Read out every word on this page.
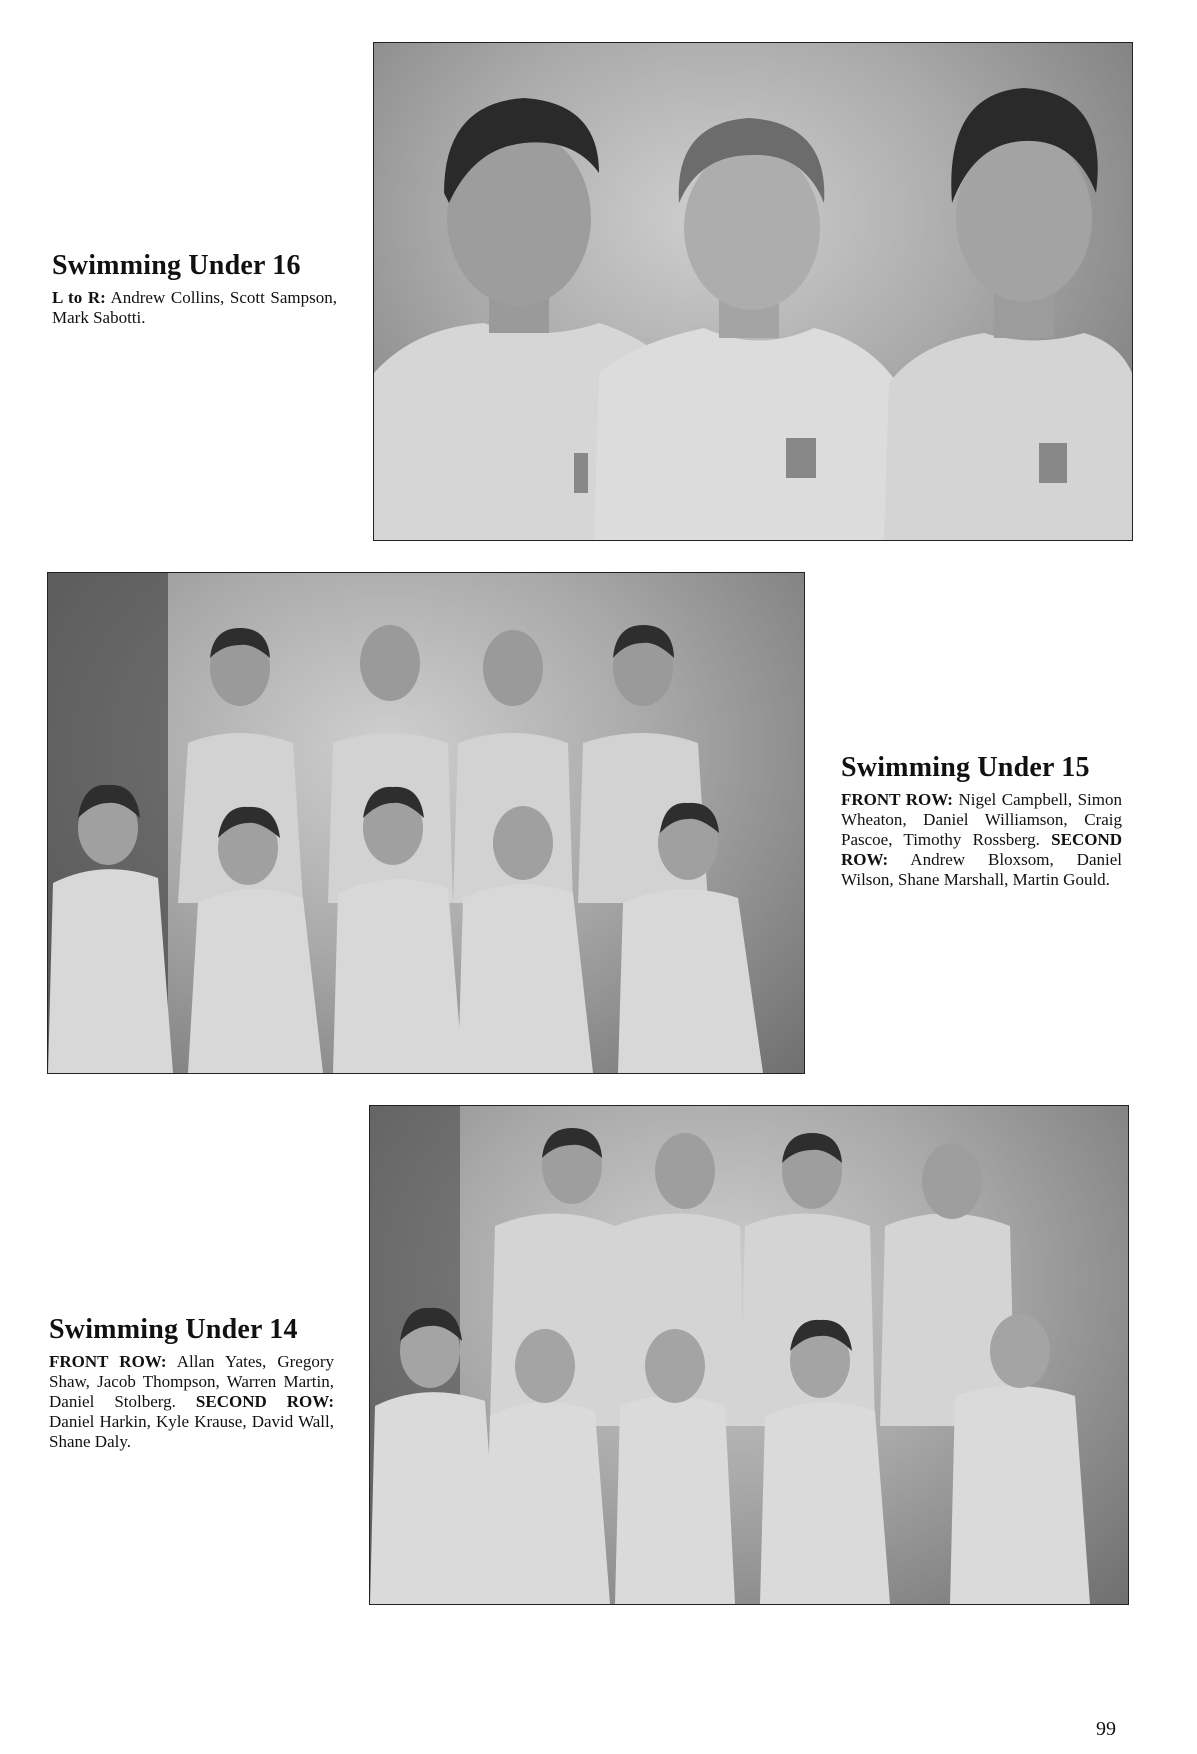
Swimming Under 16

L to R: Andrew Collins, Scott Sampson, Mark Sabotti.

Swimming Under 15

FRONT ROW: Nigel Campbell, Simon Wheaton, Daniel Williamson, Craig Pascoe, Timothy Rossberg. SECOND ROW: Andrew Bloxsom, Daniel Wilson, Shane Marshall, Martin Gould.

Swimming Under 14

FRONT ROW: Allan Yates, Gregory Shaw, Jacob Thompson, Warren Martin, Daniel Stolberg. SECOND ROW: Daniel Harkin, Kyle Krause, David Wall, Shane Daly.

99
